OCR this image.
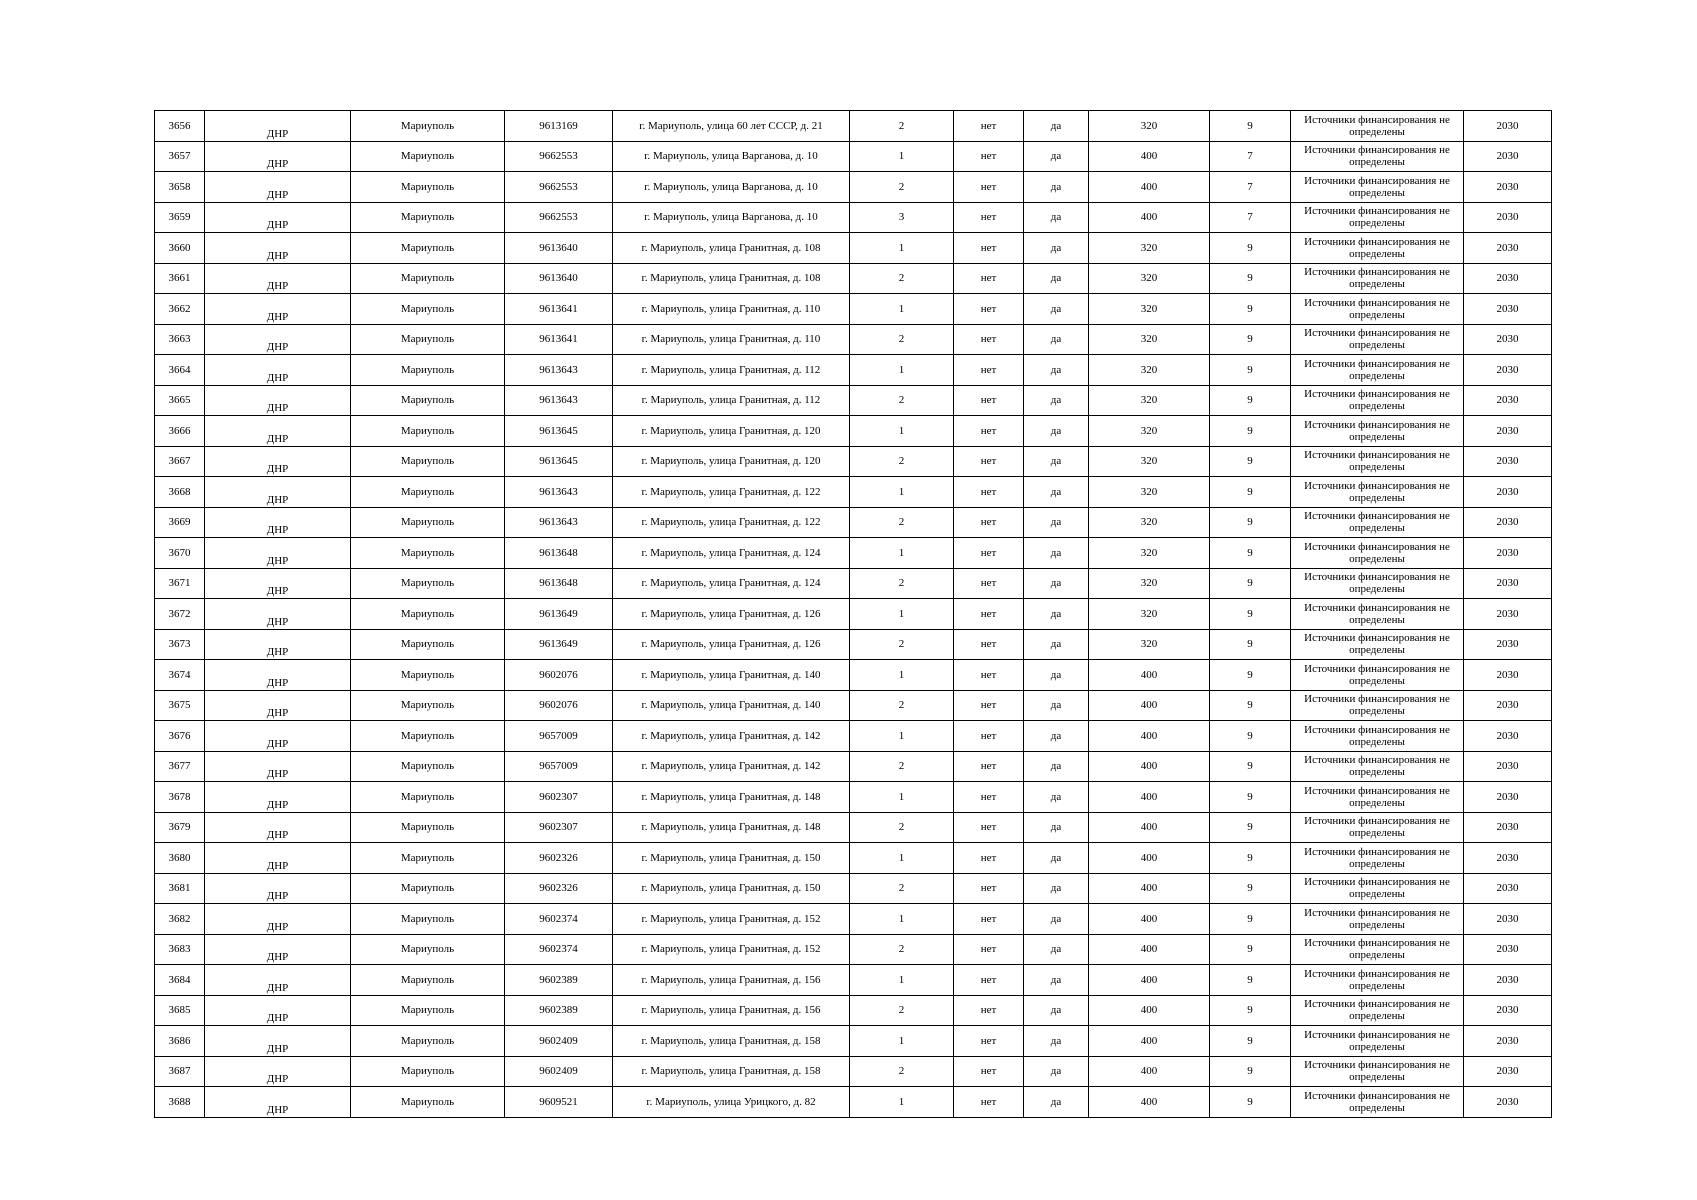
3656	ДНР	Мариуполь	9613169	г. Мариуполь, улица 60 лет СССР, д. 21	2	нет	да	320	9	Источники финансирования не определены	2030
3657	ДНР	Мариуполь	9662553	г. Мариуполь, улица Варганова, д. 10	1	нет	да	400	7	Источники финансирования не определены	2030
3658	ДНР	Мариуполь	9662553	г. Мариуполь, улица Варганова, д. 10	2	нет	да	400	7	Источники финансирования не определены	2030
3659	ДНР	Мариуполь	9662553	г. Мариуполь, улица Варганова, д. 10	3	нет	да	400	7	Источники финансирования не определены	2030
3660	ДНР	Мариуполь	9613640	г. Мариуполь, улица Гранитная, д. 108	1	нет	да	320	9	Источники финансирования не определены	2030
3661	ДНР	Мариуполь	9613640	г. Мариуполь, улица Гранитная, д. 108	2	нет	да	320	9	Источники финансирования не определены	2030
3662	ДНР	Мариуполь	9613641	г. Мариуполь, улица Гранитная, д. 110	1	нет	да	320	9	Источники финансирования не определены	2030
3663	ДНР	Мариуполь	9613641	г. Мариуполь, улица Гранитная, д. 110	2	нет	да	320	9	Источники финансирования не определены	2030
3664	ДНР	Мариуполь	9613643	г. Мариуполь, улица Гранитная, д. 112	1	нет	да	320	9	Источники финансирования не определены	2030
3665	ДНР	Мариуполь	9613643	г. Мариуполь, улица Гранитная, д. 112	2	нет	да	320	9	Источники финансирования не определены	2030
3666	ДНР	Мариуполь	9613645	г. Мариуполь, улица Гранитная, д. 120	1	нет	да	320	9	Источники финансирования не определены	2030
3667	ДНР	Мариуполь	9613645	г. Мариуполь, улица Гранитная, д. 120	2	нет	да	320	9	Источники финансирования не определены	2030
3668	ДНР	Мариуполь	9613643	г. Мариуполь, улица Гранитная, д. 122	1	нет	да	320	9	Источники финансирования не определены	2030
3669	ДНР	Мариуполь	9613643	г. Мариуполь, улица Гранитная, д. 122	2	нет	да	320	9	Источники финансирования не определены	2030
3670	ДНР	Мариуполь	9613648	г. Мариуполь, улица Гранитная, д. 124	1	нет	да	320	9	Источники финансирования не определены	2030
3671	ДНР	Мариуполь	9613648	г. Мариуполь, улица Гранитная, д. 124	2	нет	да	320	9	Источники финансирования не определены	2030
3672	ДНР	Мариуполь	9613649	г. Мариуполь, улица Гранитная, д. 126	1	нет	да	320	9	Источники финансирования не определены	2030
3673	ДНР	Мариуполь	9613649	г. Мариуполь, улица Гранитная, д. 126	2	нет	да	320	9	Источники финансирования не определены	2030
3674	ДНР	Мариуполь	9602076	г. Мариуполь, улица Гранитная, д. 140	1	нет	да	400	9	Источники финансирования не определены	2030
3675	ДНР	Мариуполь	9602076	г. Мариуполь, улица Гранитная, д. 140	2	нет	да	400	9	Источники финансирования не определены	2030
3676	ДНР	Мариуполь	9657009	г. Мариуполь, улица Гранитная, д. 142	1	нет	да	400	9	Источники финансирования не определены	2030
3677	ДНР	Мариуполь	9657009	г. Мариуполь, улица Гранитная, д. 142	2	нет	да	400	9	Источники финансирования не определены	2030
3678	ДНР	Мариуполь	9602307	г. Мариуполь, улица Гранитная, д. 148	1	нет	да	400	9	Источники финансирования не определены	2030
3679	ДНР	Мариуполь	9602307	г. Мариуполь, улица Гранитная, д. 148	2	нет	да	400	9	Источники финансирования не определены	2030
3680	ДНР	Мариуполь	9602326	г. Мариуполь, улица Гранитная, д. 150	1	нет	да	400	9	Источники финансирования не определены	2030
3681	ДНР	Мариуполь	9602326	г. Мариуполь, улица Гранитная, д. 150	2	нет	да	400	9	Источники финансирования не определены	2030
3682	ДНР	Мариуполь	9602374	г. Мариуполь, улица Гранитная, д. 152	1	нет	да	400	9	Источники финансирования не определены	2030
3683	ДНР	Мариуполь	9602374	г. Мариуполь, улица Гранитная, д. 152	2	нет	да	400	9	Источники финансирования не определены	2030
3684	ДНР	Мариуполь	9602389	г. Мариуполь, улица Гранитная, д. 156	1	нет	да	400	9	Источники финансирования не определены	2030
3685	ДНР	Мариуполь	9602389	г. Мариуполь, улица Гранитная, д. 156	2	нет	да	400	9	Источники финансирования не определены	2030
3686	ДНР	Мариуполь	9602409	г. Мариуполь, улица Гранитная, д. 158	1	нет	да	400	9	Источники финансирования не определены	2030
3687	ДНР	Мариуполь	9602409	г. Мариуполь, улица Гранитная, д. 158	2	нет	да	400	9	Источники финансирования не определены	2030
3688	ДНР	Мариуполь	9609521	г. Мариуполь, улица Урицкого, д. 82	1	нет	да	400	9	Источники финансирования не определены	2030
